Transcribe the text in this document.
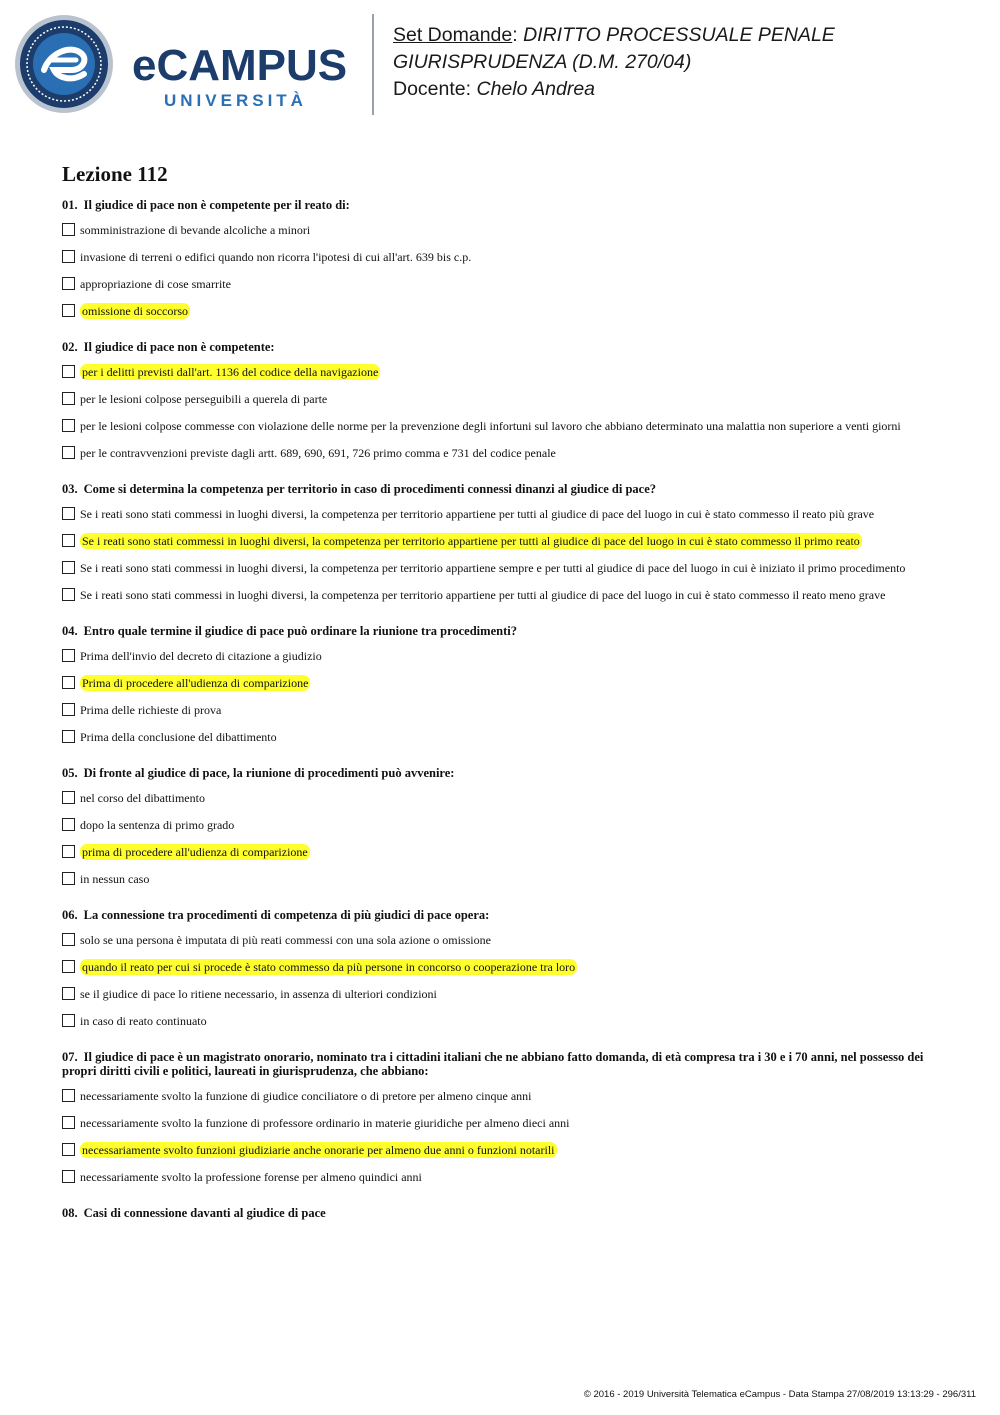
eCAMPUS
UNIVERSITÀ
Set Domande: DIRITTO PROCESSUALE PENALE
GIURISPRUDENZA (D.M. 270/04)
Docente: Chelo Andrea
Lezione 112
01. Il giudice di pace non è competente per il reato di:
somministrazione di bevande alcoliche a minori
invasione di terreni o edifici quando non ricorra l'ipotesi di cui all'art. 639 bis c.p.
appropriazione di cose smarrite
omissione di soccorso
02. Il giudice di pace non è competente:
per i delitti previsti dall'art. 1136 del codice della navigazione
per le lesioni colpose perseguibili a querela di parte
per le lesioni colpose commesse con violazione delle norme per la prevenzione degli infortuni sul lavoro che abbiano determinato una malattia non superiore a venti giorni
per le contravvenzioni previste dagli artt. 689, 690, 691, 726 primo comma e 731 del codice penale
03. Come si determina la competenza per territorio in caso di procedimenti connessi dinanzi al giudice di pace?
Se i reati sono stati commessi in luoghi diversi, la competenza per territorio appartiene per tutti al giudice di pace del luogo in cui è stato commesso il reato più grave
Se i reati sono stati commessi in luoghi diversi, la competenza per territorio appartiene per tutti al giudice di pace del luogo in cui è stato commesso il primo reato
Se i reati sono stati commessi in luoghi diversi, la competenza per territorio appartiene sempre e per tutti al giudice di pace del luogo in cui è iniziato il primo procedimento
Se i reati sono stati commessi in luoghi diversi, la competenza per territorio appartiene per tutti al giudice di pace del luogo in cui è stato commesso il reato meno grave
04. Entro quale termine il giudice di pace può ordinare la riunione tra procedimenti?
Prima dell'invio del decreto di citazione a giudizio
Prima di procedere all'udienza di comparizione
Prima delle richieste di prova
Prima della conclusione del dibattimento
05. Di fronte al giudice di pace, la riunione di procedimenti può avvenire:
nel corso del dibattimento
dopo la sentenza di primo grado
prima di procedere all'udienza di comparizione
in nessun caso
06. La connessione tra procedimenti di competenza di più giudici di pace opera:
solo se una persona è imputata di più reati commessi con una sola azione o omissione
quando il reato per cui si procede è stato commesso da più persone in concorso o cooperazione tra loro
se il giudice di pace lo ritiene necessario, in assenza di ulteriori condizioni
in caso di reato continuato
07. Il giudice di pace è un magistrato onorario, nominato tra i cittadini italiani che ne abbiano fatto domanda, di età compresa tra i 30 e i 70 anni, nel possesso dei propri diritti civili e politici, laureati in giurisprudenza, che abbiano:
necessariamente svolto la funzione di giudice conciliatore o di pretore per almeno cinque anni
necessariamente svolto la funzione di professore ordinario in materie giuridiche per almeno dieci anni
necessariamente svolto funzioni giudiziarie anche onorarie per almeno due anni o funzioni notarili
necessariamente svolto la professione forense per almeno quindici anni
08. Casi di connessione davanti al giudice di pace
© 2016 - 2019 Università Telematica eCampus - Data Stampa 27/08/2019 13:13:29 - 296/311
